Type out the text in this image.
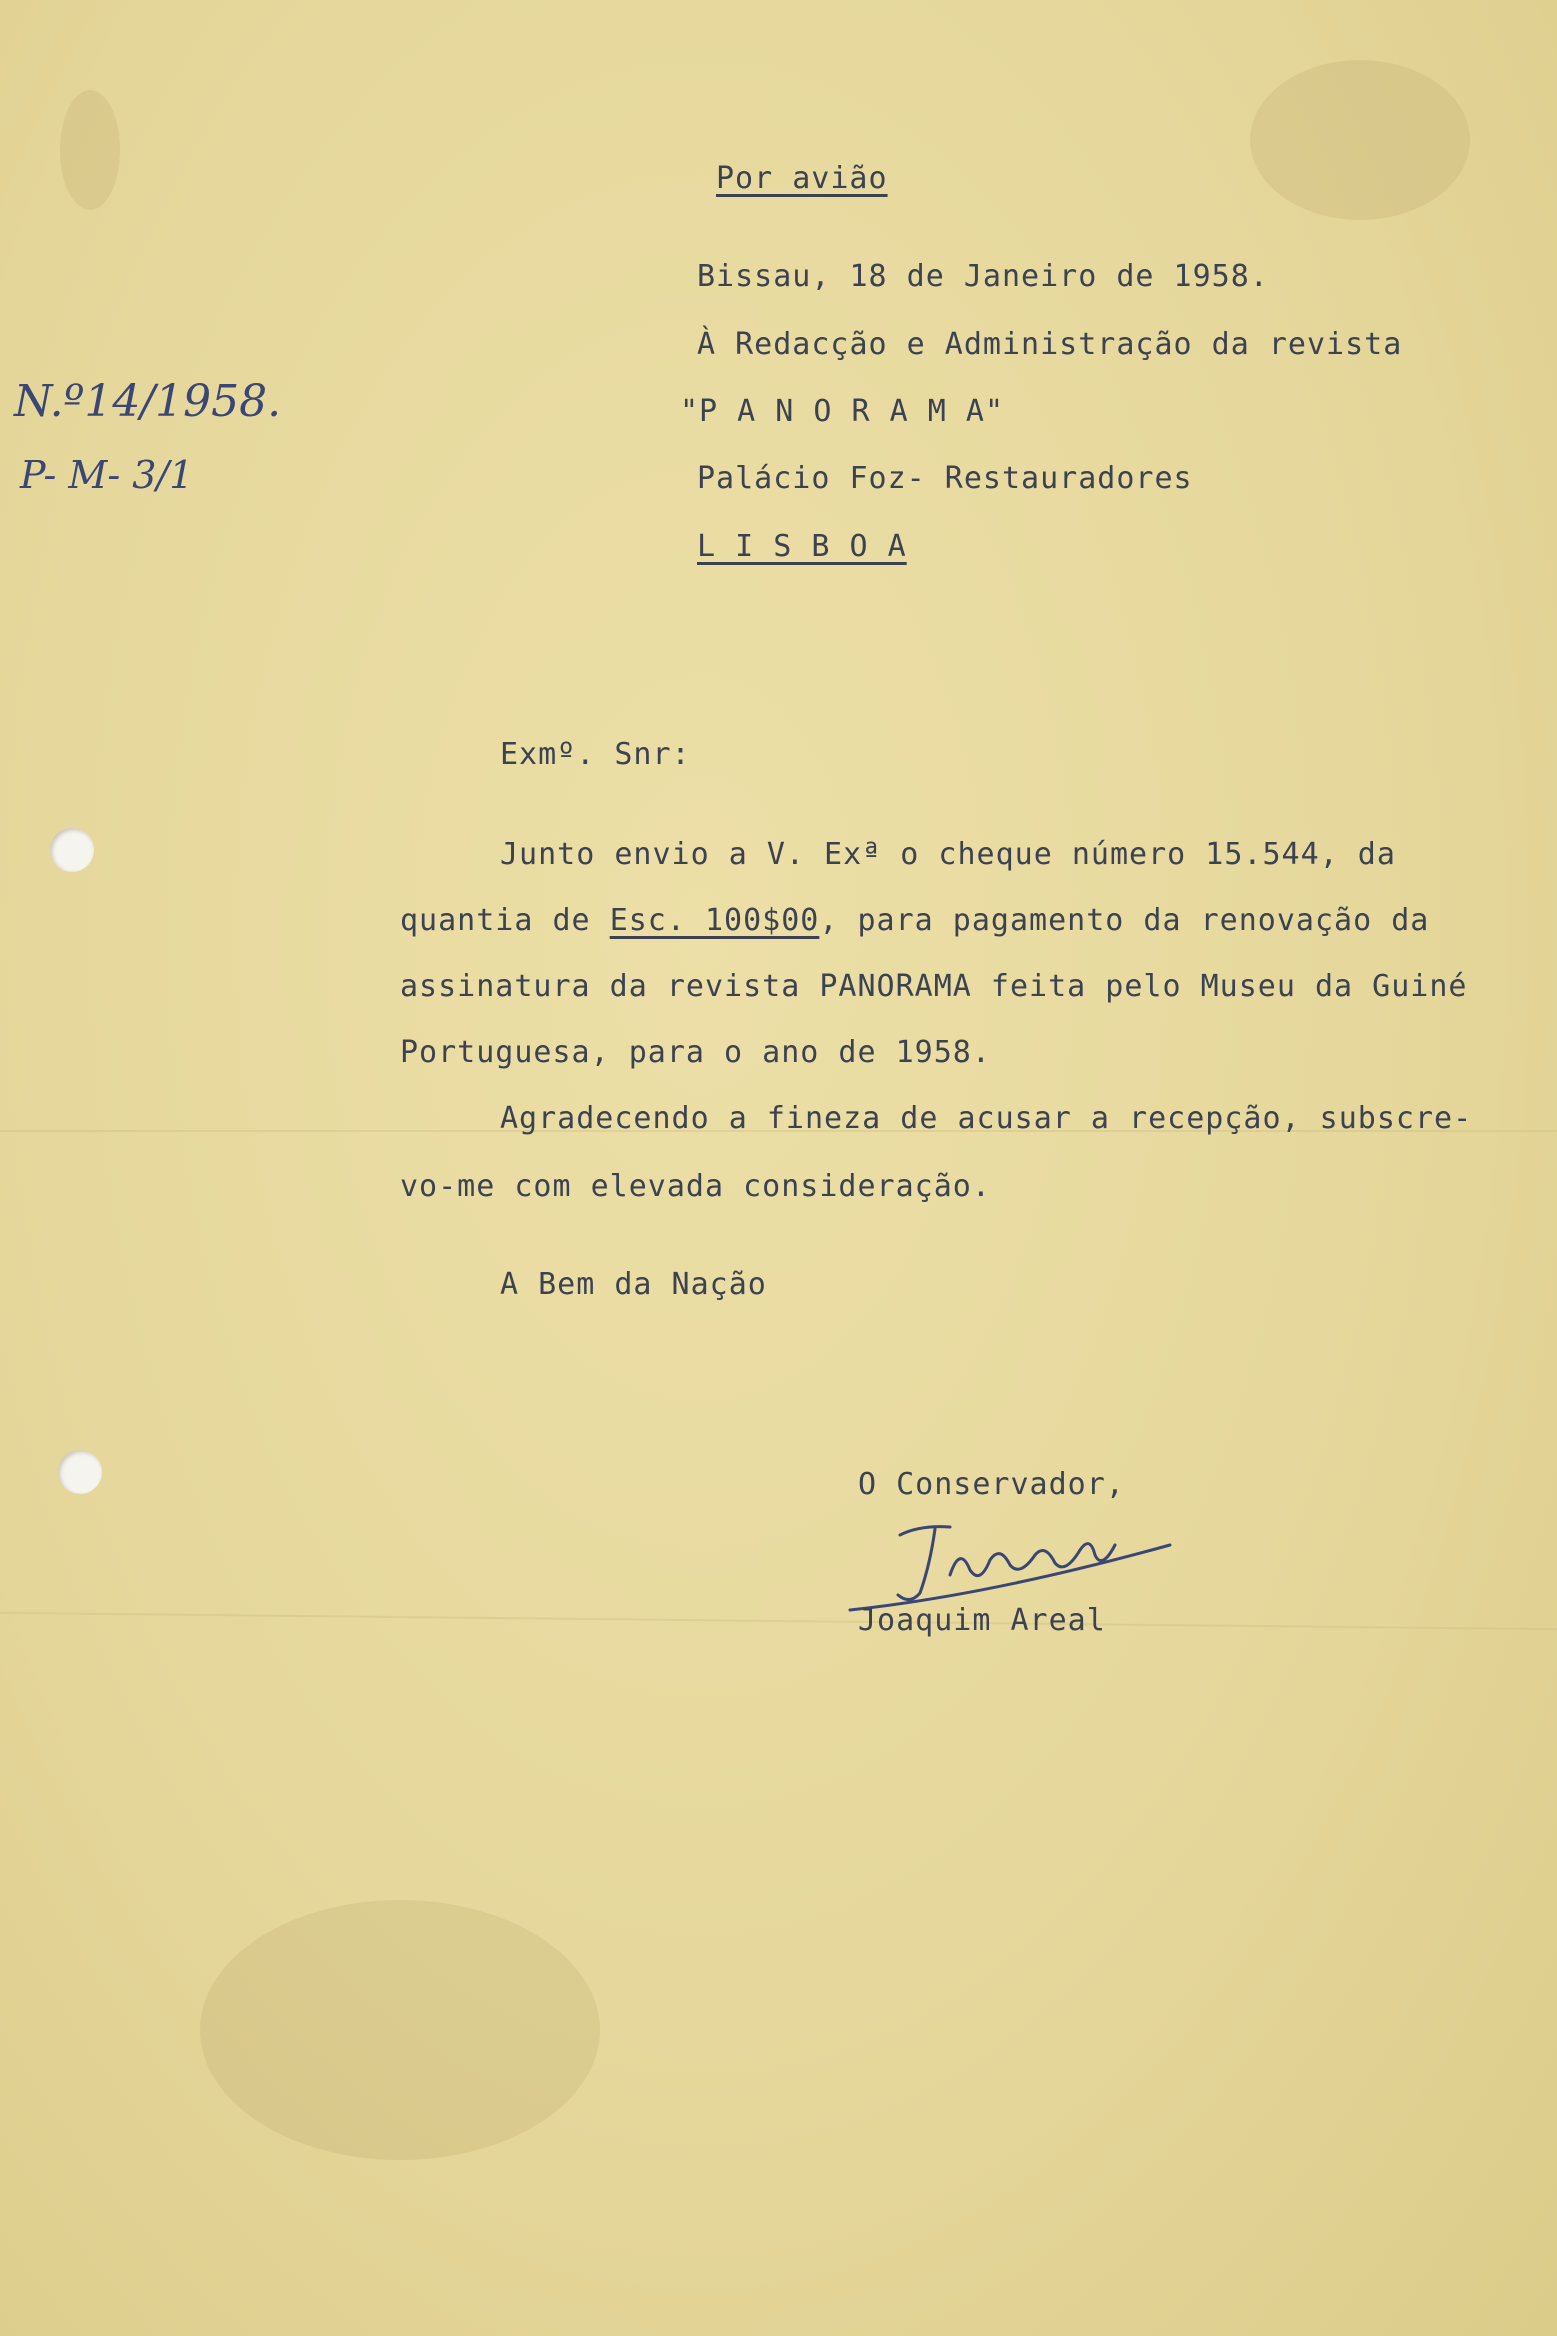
Por avião
Bissau, 18 de Janeiro de 1958.
À Redacção e Administração da revista
"P A N O R A M A"
Palácio Foz- Restauradores
L I S B O A
N.º14/1958.
P- M- 3/1
Exmº. Snr:
Junto envio a V. Exª o cheque número 15.544, da
quantia de Esc. 100$00, para pagamento da renovação da
assinatura da revista PANORAMA feita pelo Museu da Guiné
Portuguesa, para o ano de 1958.
Agradecendo a fineza de acusar a recepção, subscre-
vo-me com elevada consideração.
A Bem da Nação
O Conservador,
Joaquim Areal
